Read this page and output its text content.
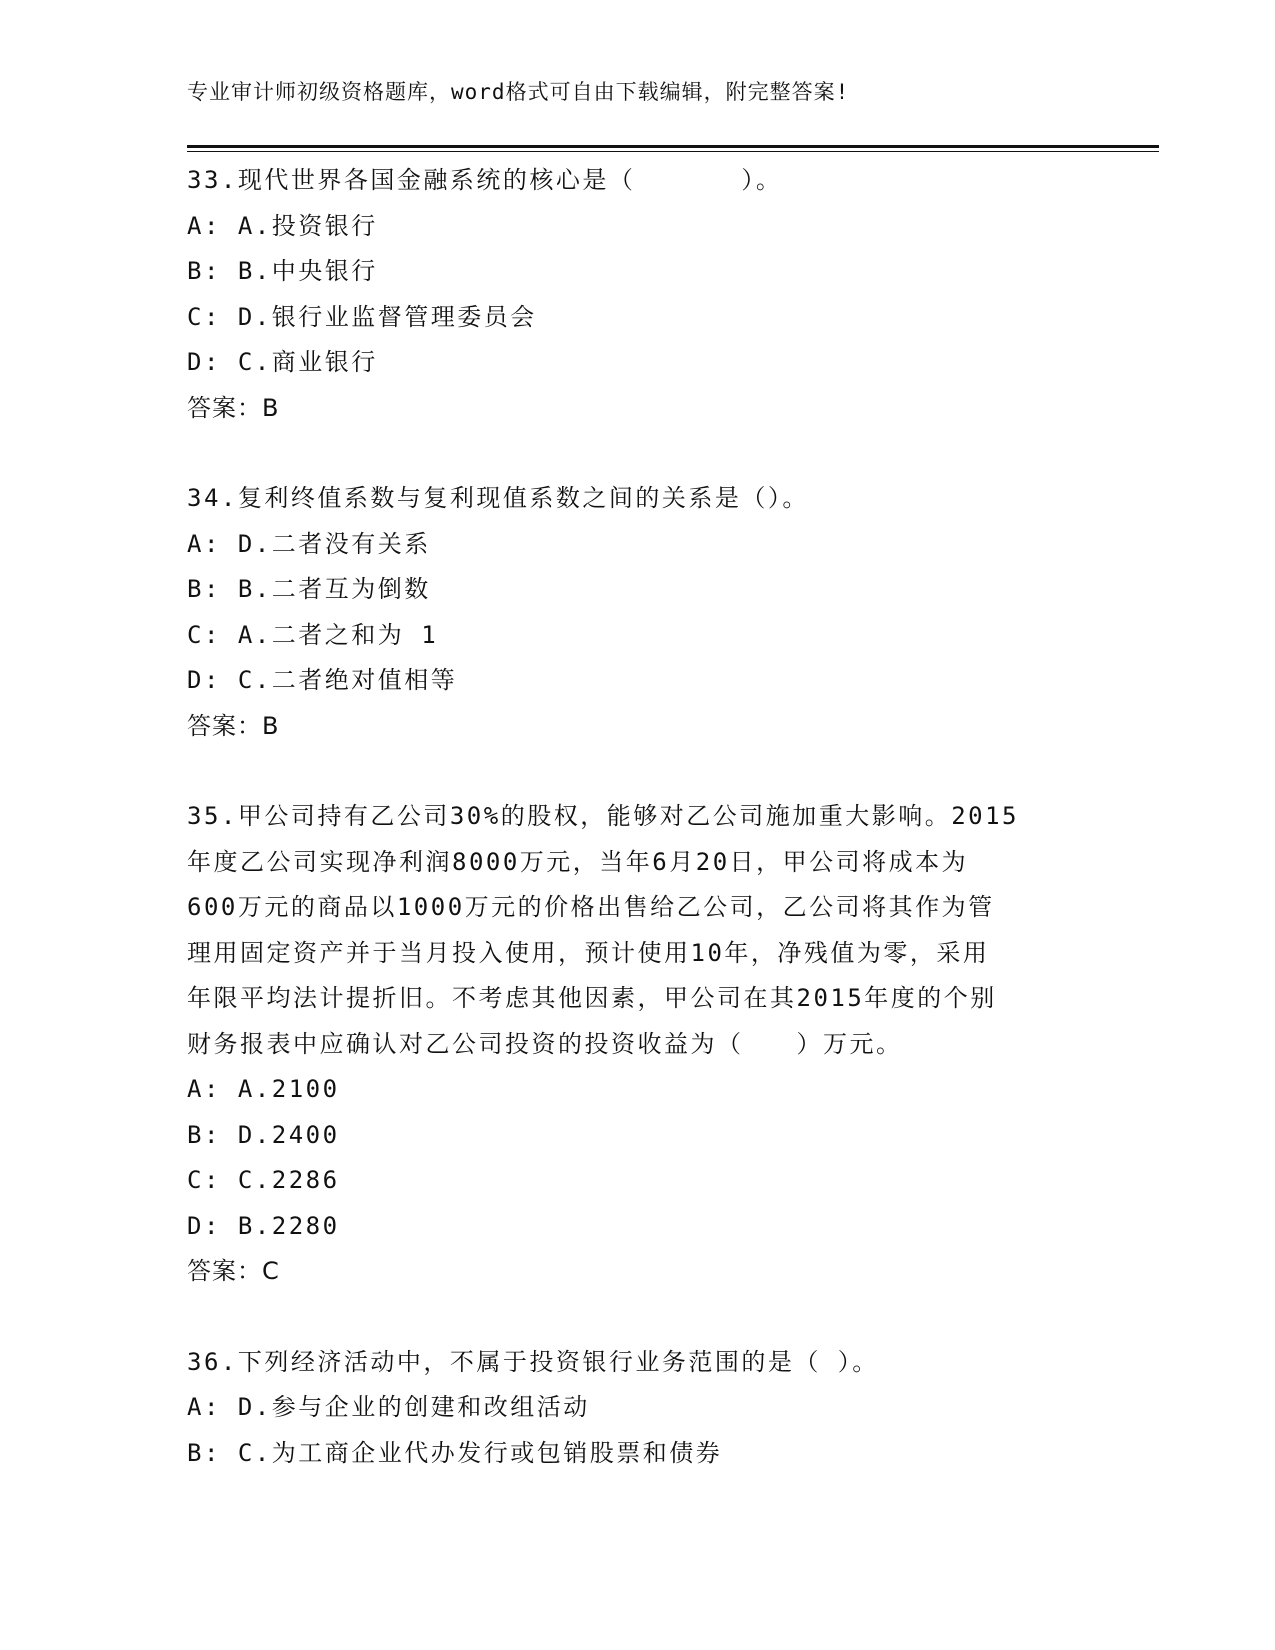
专业审计师初级资格题库，word格式可自由下载编辑，附完整答案!
33.现代世界各国金融系统的核心是（　　　　）。
A: A.投资银行
B: B.中央银行
C: D.银行业监督管理委员会
D: C.商业银行
答案：B
34.复利终值系数与复利现值系数之间的关系是（）。
A: D.二者没有关系
B: B.二者互为倒数
C: A.二者之和为 1
D: C.二者绝对值相等
答案：B
35.甲公司持有乙公司30%的股权，能够对乙公司施加重大影响。2015
年度乙公司实现净利润8000万元，当年6月20日，甲公司将成本为
600万元的商品以1000万元的价格出售给乙公司，乙公司将其作为管
理用固定资产并于当月投入使用，预计使用10年，净残值为零，采用
年限平均法计提折旧。不考虑其他因素，甲公司在其2015年度的个别
财务报表中应确认对乙公司投资的投资收益为（　　）万元。
A: A.2100
B: D.2400
C: C.2286
D: B.2280
答案：C
36.下列经济活动中，不属于投资银行业务范围的是（ ）。
A: D.参与企业的创建和改组活动
B: C.为工商企业代办发行或包销股票和债券
